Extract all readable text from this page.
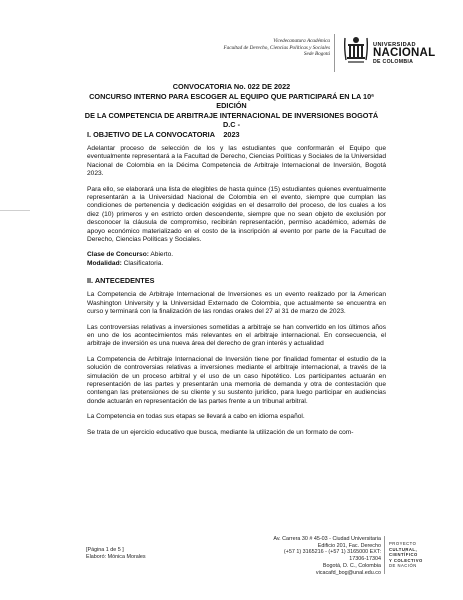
Vicedecanatura Académica
Facultad de Derecho, Ciencias Políticas y Sociales
Sede Bogotá
UNIVERSIDAD
NACIONAL
DE COLOMBIA
CONVOCATORIA No. 022 DE 2022
CONCURSO INTERNO PARA ESCOGER AL EQUIPO QUE PARTICIPARÁ EN LA 10ª EDICIÓN
DE LA COMPETENCIA DE ARBITRAJE INTERNACIONAL DE INVERSIONES BOGOTÁ D.C -
2023
I. OBJETIVO DE LA CONVOCATORIA

Adelantar proceso de selección de los y las estudiantes que conformarán el Equipo que eventualmente representará a la Facultad de Derecho, Ciencias Políticas y Sociales de la Universidad Nacional de Colombia en la Décima Competencia de Arbitraje Internacional de Inversión, Bogotá 2023.

Para ello, se elaborará una lista de elegibles de hasta quince (15) estudiantes quienes eventualmente representarán a la Universidad Nacional de Colombia en el evento, siempre que cumplan las condiciones de pertenencia y dedicación exigidas en el desarrollo del proceso, de los cuales a los diez (10) primeros y en estricto orden descendente, siempre que no sean objeto de exclusión por desconocer la cláusula de compromiso, recibirán representación, permiso académico, además de apoyo económico materializado en el costo de la inscripción al evento por parte de la Facultad de Derecho, Ciencias Políticas y Sociales.

Clase de Concurso: Abierto.

Modalidad: Clasificatoria.

II. ANTECEDENTES

La Competencia de Arbitraje Internacional de Inversiones es un evento realizado por la American Washington University y la Universidad Externado de Colombia, que actualmente se encuentra en curso y terminará con la finalización de las rondas orales del 27 al 31 de marzo de 2023.

Las controversias relativas a inversiones sometidas a arbitraje se han convertido en los últimos años en uno de los acontecimientos más relevantes en el arbitraje internacional. En consecuencia, el arbitraje de inversión es una nueva área del derecho de gran interés y actualidad

La Competencia de Arbitraje Internacional de Inversión tiene por finalidad fomentar el estudio de la solución de controversias relativas a inversiones mediante el arbitraje internacional, a través de la simulación de un proceso arbitral y el uso de un caso hipotético. Los participantes actuarán en representación de las partes y presentarán una memoria de demanda y otra de contestación que contengan las pretensiones de su cliente y su sustento jurídico, para luego participar en audiencias donde actuarán en representación de las partes frente a un tribunal arbitral.

La Competencia en todas sus etapas se llevará a cabo en idioma español.

Se trata de un ejercicio educativo que busca, mediante la utilización de un formato de com-

[Página 1 de 5 ]
Elaboró: Mónica Morales
Av. Carrera 30 # 45-03 - Ciudad Universitaria
Edificio 201, Fac. Derecho
(+57 1) 3165216 - (+57 1) 3165000 EXT: 17306-17304
Bogotá, D. C., Colombia
vicacafd_bog@unal.edu.co
PROYECTO
CULTURAL,
CIENTÍFICO
Y COLECTIVO
DE NACIÓN
